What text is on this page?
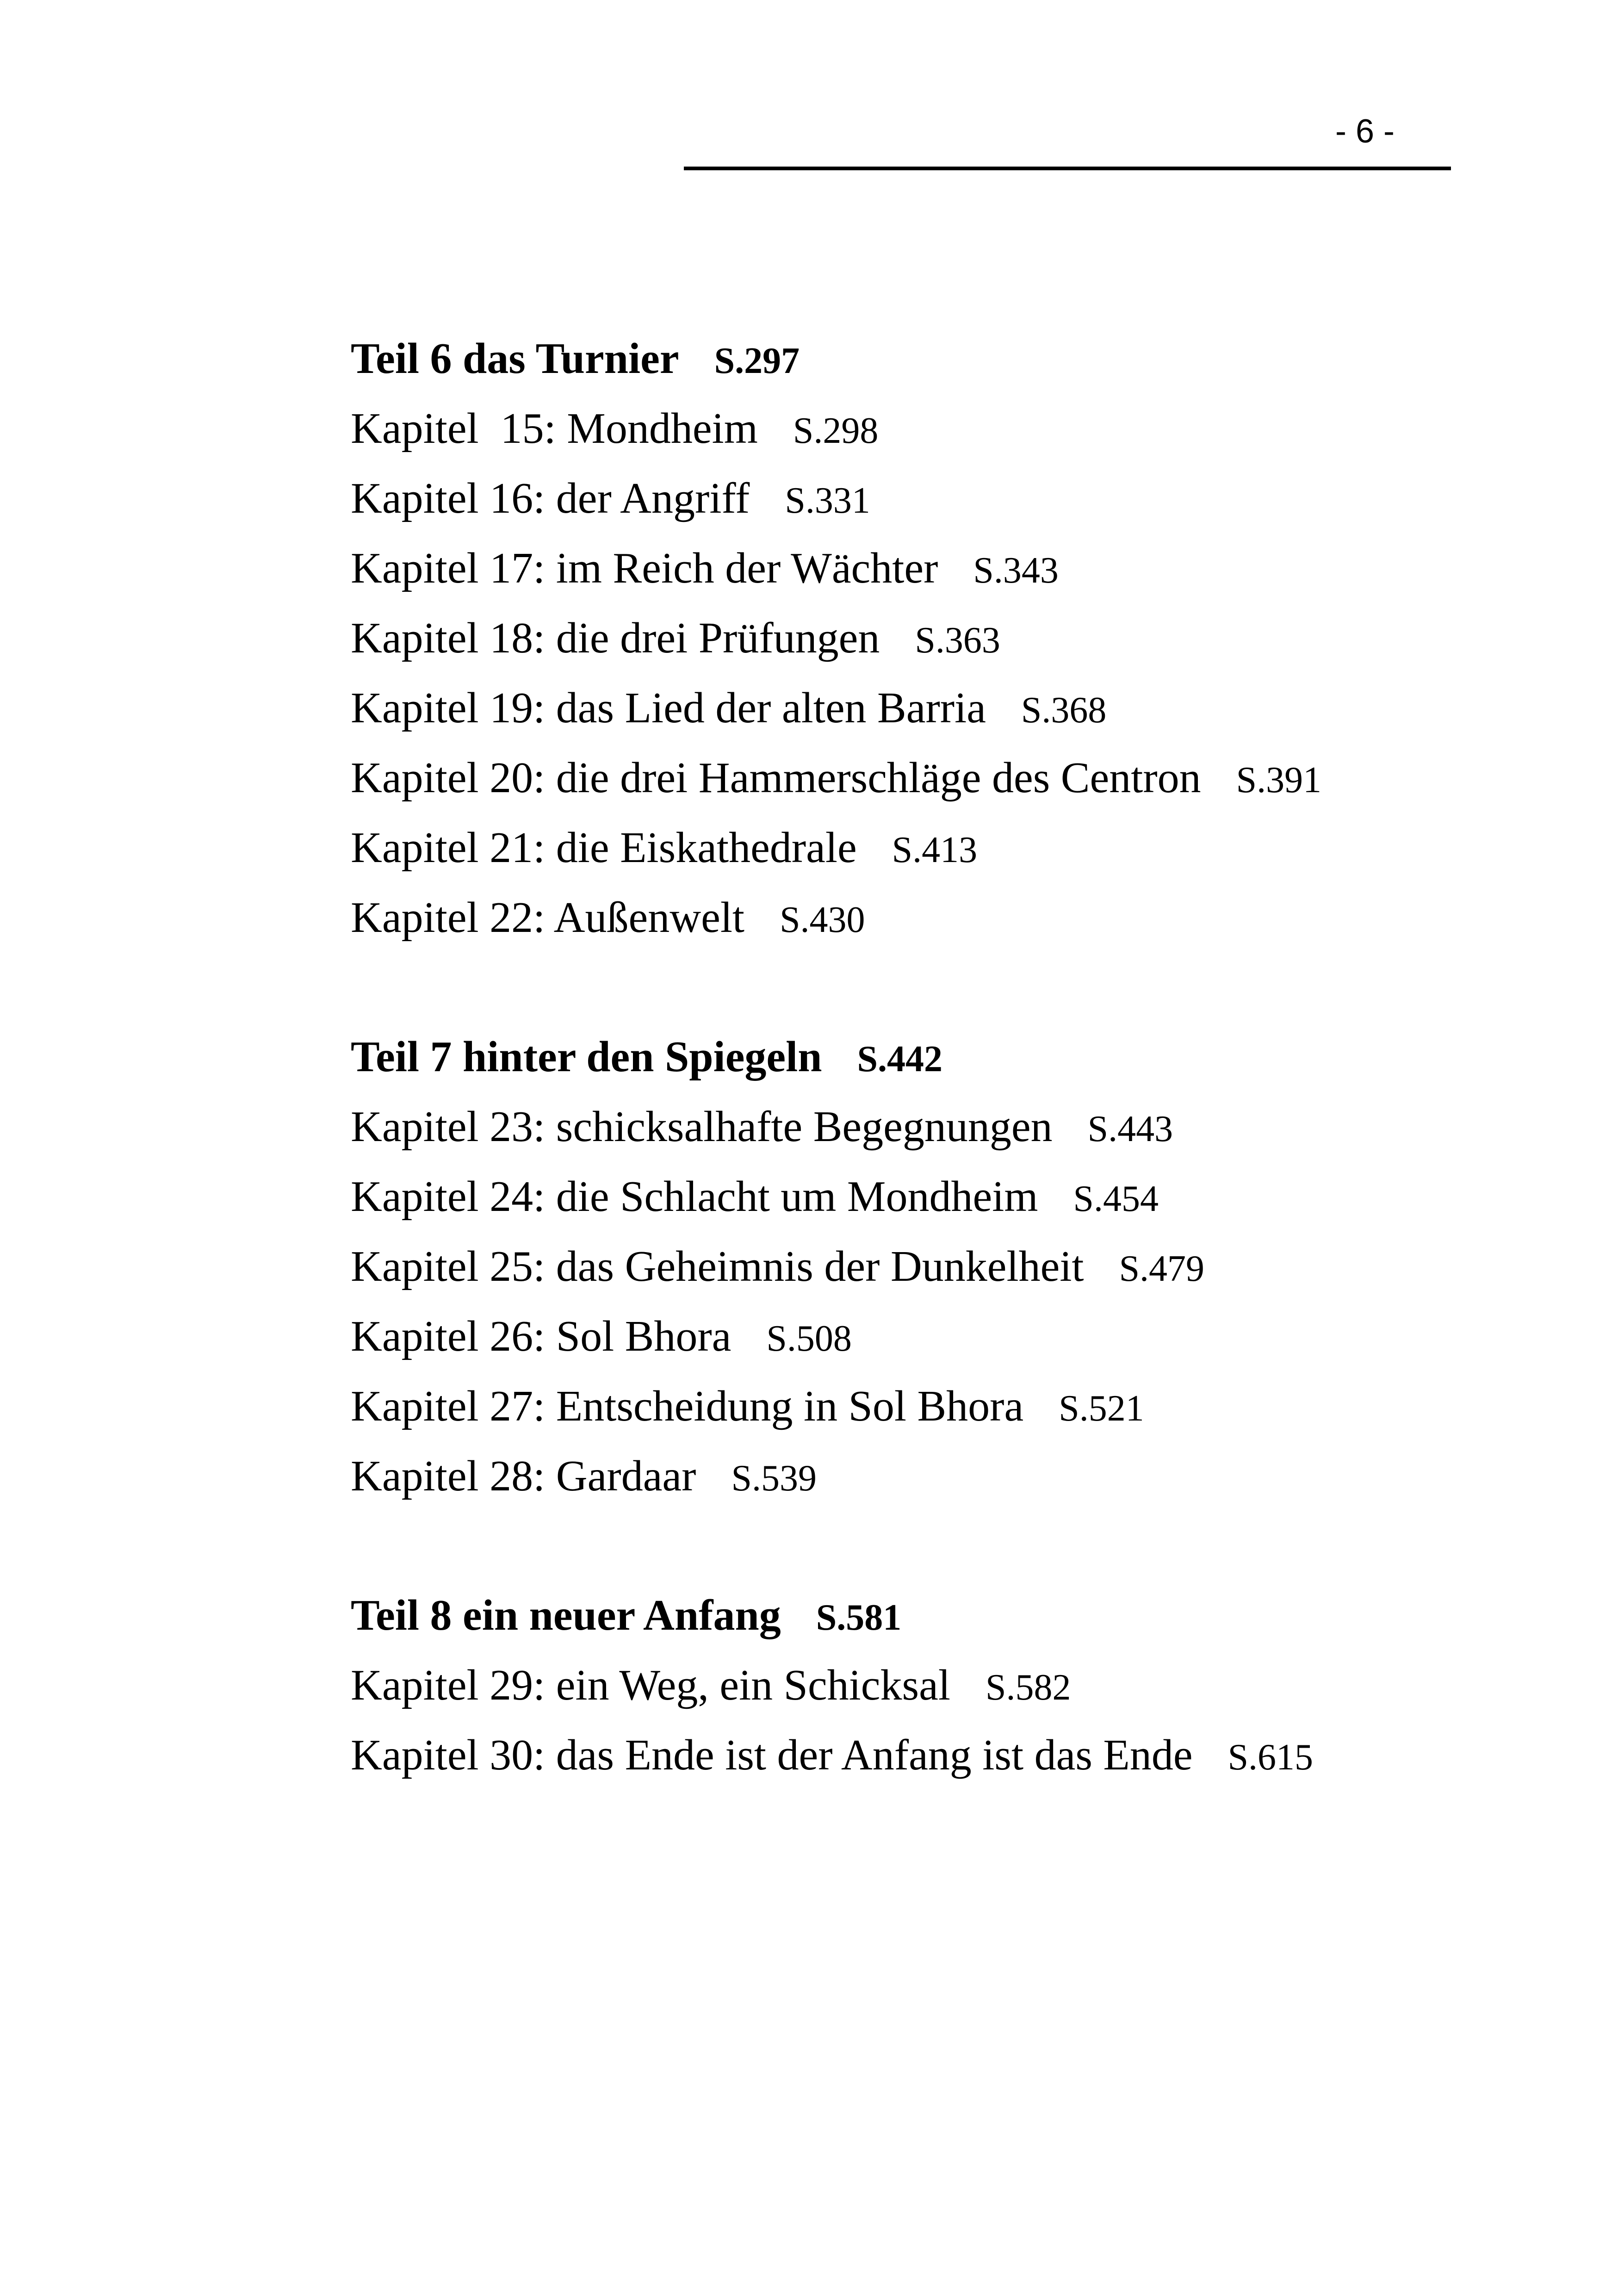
- 6 -
Teil 6 das Turnier S.297
Kapitel  15: Mondheim S.298
Kapitel 16: der Angriff S.331
Kapitel 17: im Reich der Wächter S.343
Kapitel 18: die drei Prüfungen S.363
Kapitel 19: das Lied der alten Barria S.368
Kapitel 20: die drei Hammerschläge des Centron S.391
Kapitel 21: die Eiskathedrale S.413
Kapitel 22: Außenwelt S.430
Teil 7 hinter den Spiegeln S.442
Kapitel 23: schicksalhafte Begegnungen S.443
Kapitel 24: die Schlacht um Mondheim S.454
Kapitel 25: das Geheimnis der Dunkelheit S.479
Kapitel 26: Sol Bhora S.508
Kapitel 27: Entscheidung in Sol Bhora S.521
Kapitel 28: Gardaar S.539
Teil 8 ein neuer Anfang S.581
Kapitel 29: ein Weg, ein Schicksal S.582
Kapitel 30: das Ende ist der Anfang ist das Ende S.615
